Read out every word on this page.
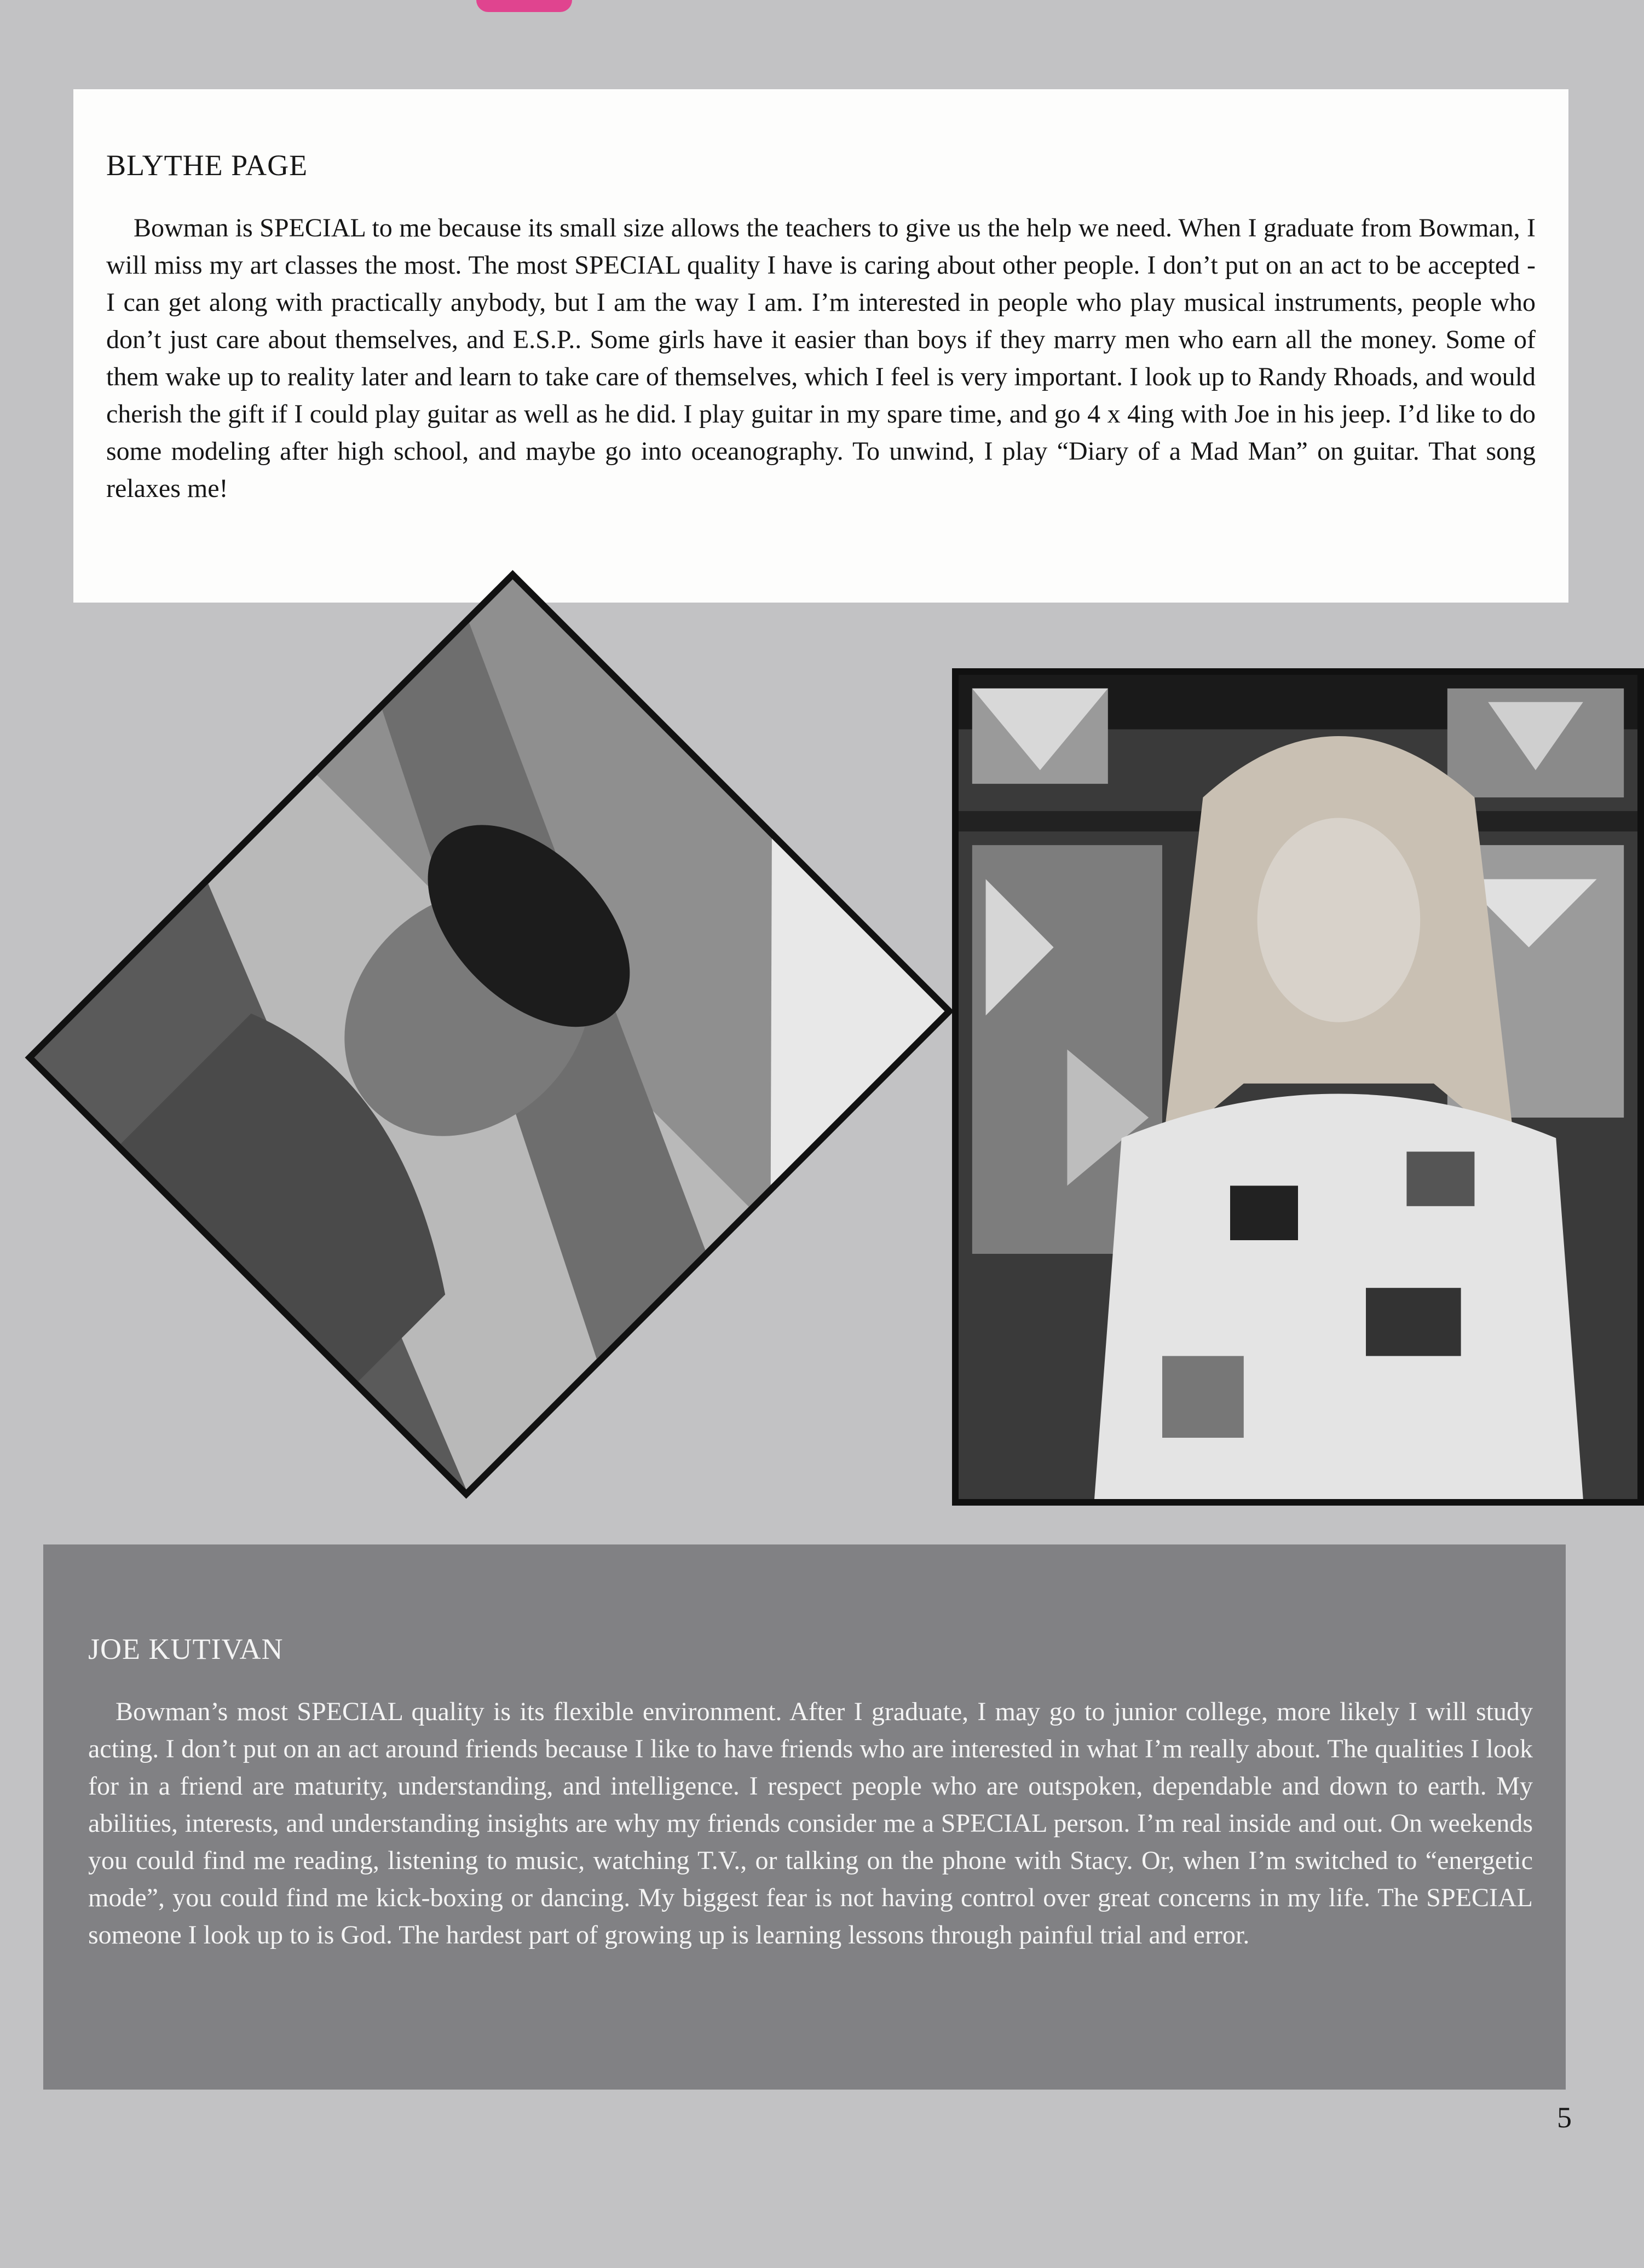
BLYTHE PAGE

Bowman is SPECIAL to me because its small size allows the teachers to give us the help we need. When I graduate from Bowman, I will miss my art classes the most. The most SPECIAL quality I have is caring about other people. I don’t put on an act to be accepted - I can get along with practically anybody, but I am the way I am. I’m interested in people who play musical instruments, people who don’t just care about themselves, and E.S.P.. Some girls have it easier than boys if they marry men who earn all the money. Some of them wake up to reality later and learn to take care of themselves, which I feel is very important. I look up to Randy Rhoads, and would cherish the gift if I could play guitar as well as he did. I play guitar in my spare time, and go 4 x 4ing with Joe in his jeep. I’d like to do some modeling after high school, and maybe go into oceanography. To unwind, I play “Diary of a Mad Man” on guitar. That song relaxes me!

JOE KUTIVAN

Bowman’s most SPECIAL quality is its flexible environment. After I graduate, I may go to junior college, more likely I will study acting. I don’t put on an act around friends because I like to have friends who are interested in what I’m really about. The qualities I look for in a friend are maturity, understanding, and intelligence. I respect people who are outspoken, dependable and down to earth. My abilities, interests, and understanding insights are why my friends consider me a SPECIAL person. I’m real inside and out. On weekends you could find me reading, listening to music, watching T.V., or talking on the phone with Stacy. Or, when I’m switched to “energetic mode”, you could find me kick-boxing or dancing. My biggest fear is not having control over great concerns in my life. The SPECIAL someone I look up to is God. The hardest part of growing up is learning lessons through painful trial and error.

5
